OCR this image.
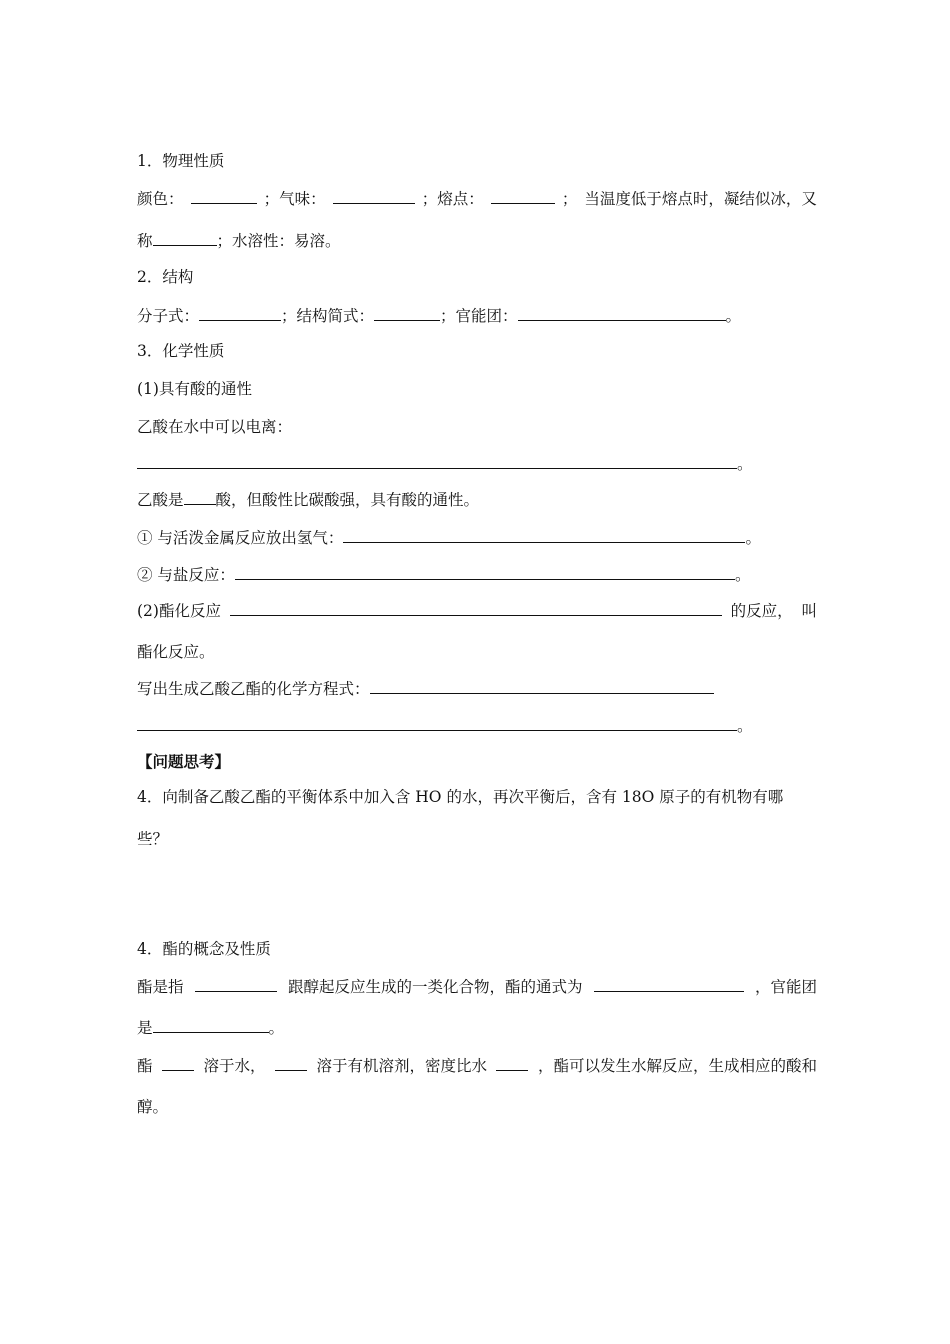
1．物理性质
颜色：	；气味：	；熔点：	； 当温度低于熔点时，凝结似冰，又
称	；水溶性：易溶。
2．结构
分子式：	；结构简式：	；官能团：	。
3．化学性质
(1)具有酸的通性
乙酸在水中可以电离：
。
乙酸是 酸，但酸性比碳酸强，具有酸的通性。
① 与活泼金属反应放出氢气：	。
② 与盐反应：	。
(2)酯化反应	的反应， 叫
酯化反应。
写出生成乙酸乙酯的化学方程式：
。
【问题思考】
4．向制备乙酸乙酯的平衡体系中加入含 HO 的水，再次平衡后，含有 18O 原子的有机物有哪
些？
4．酯的概念及性质
酯是指	跟醇起反应生成的一类化合物，酯的通式为	，官能团
是	。
酯	溶于水，	溶于有机溶剂，密度比水	，酯可以发生水解反应，生成相应的酸和
醇。
